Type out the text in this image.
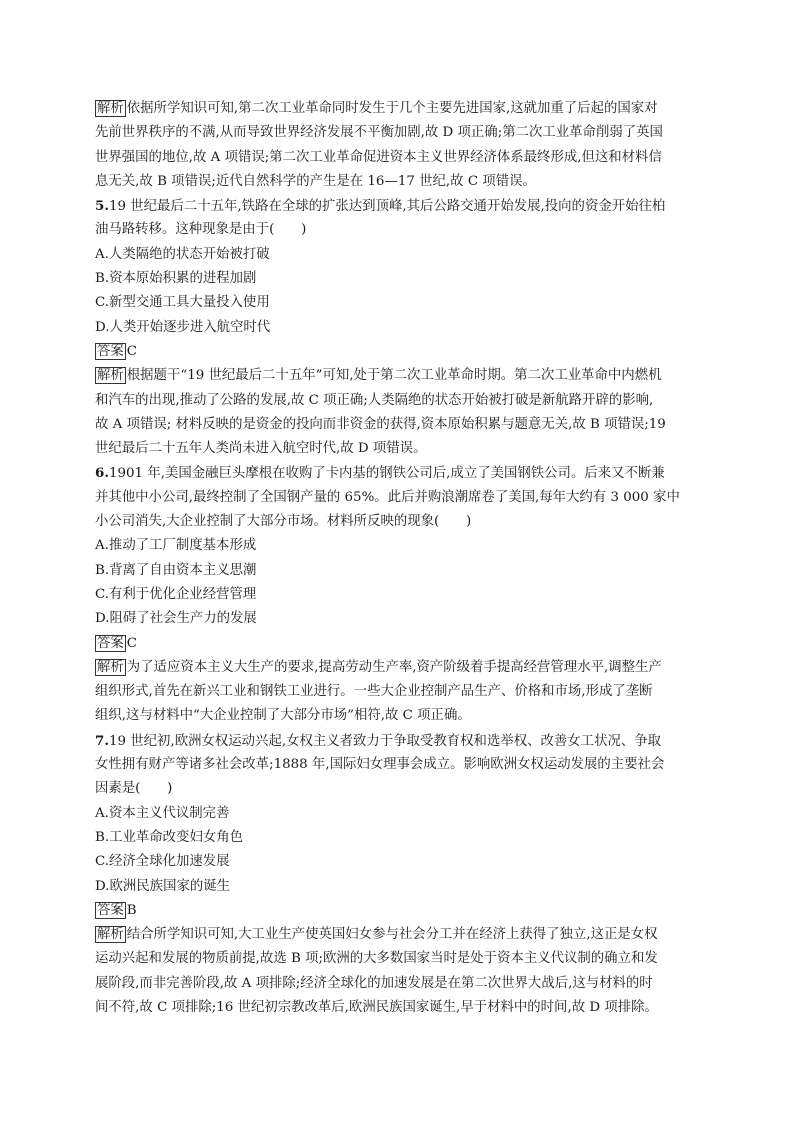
解析 依据所学知识可知,第二次工业革命同时发生于几个主要先进国家,这就加重了后起的国家对
先前世界秩序的不满,从而导致世界经济发展不平衡加剧,故 D 项正确;第二次工业革命削弱了英国
世界强国的地位,故 A 项错误;第二次工业革命促进资本主义世界经济体系最终形成,但这和材料信
息无关,故 B 项错误;近代自然科学的产生是在 16—17 世纪,故 C 项错误。
5.19 世纪最后二十五年,铁路在全球的扩张达到顶峰,其后公路交通开始发展,投向的资金开始往柏
油马路转移。这种现象是由于(　　)
A.人类隔绝的状态开始被打破
B.资本原始积累的进程加剧
C.新型交通工具大量投入使用
D.人类开始逐步进入航空时代
答案 C
解析 根据题干“19 世纪最后二十五年”可知,处于第二次工业革命时期。第二次工业革命中内燃机
和汽车的出现,推动了公路的发展,故 C 项正确;人类隔绝的状态开始被打破是新航路开辟的影响,
故 A 项错误; 材料反映的是资金的投向而非资金的获得,资本原始积累与题意无关,故 B 项错误;19
世纪最后二十五年人类尚未进入航空时代,故 D 项错误。
6.1901 年,美国金融巨头摩根在收购了卡内基的钢铁公司后,成立了美国钢铁公司。后来又不断兼
并其他中小公司,最终控制了全国钢产量的 65%。此后并购浪潮席卷了美国,每年大约有 3 000 家中
小公司消失,大企业控制了大部分市场。材料所反映的现象(　　)
A.推动了工厂制度基本形成
B.背离了自由资本主义思潮
C.有利于优化企业经营管理
D.阻碍了社会生产力的发展
答案 C
解析 为了适应资本主义大生产的要求,提高劳动生产率,资产阶级着手提高经营管理水平,调整生产
组织形式,首先在新兴工业和钢铁工业进行。一些大企业控制产品生产、价格和市场,形成了垄断
组织,这与材料中“大企业控制了大部分市场”相符,故 C 项正确。
7.19 世纪初,欧洲女权运动兴起,女权主义者致力于争取受教育权和选举权、改善女工状况、争取
女性拥有财产等诸多社会改革;1888 年,国际妇女理事会成立。影响欧洲女权运动发展的主要社会
因素是(　　)
A.资本主义代议制完善
B.工业革命改变妇女角色
C.经济全球化加速发展
D.欧洲民族国家的诞生
答案 B
解析 结合所学知识可知,大工业生产使英国妇女参与社会分工并在经济上获得了独立,这正是女权
运动兴起和发展的物质前提,故选 B 项;欧洲的大多数国家当时是处于资本主义代议制的确立和发
展阶段,而非完善阶段,故 A 项排除;经济全球化的加速发展是在第二次世界大战后,这与材料的时
间不符,故 C 项排除;16 世纪初宗教改革后,欧洲民族国家诞生,早于材料中的时间,故 D 项排除。
